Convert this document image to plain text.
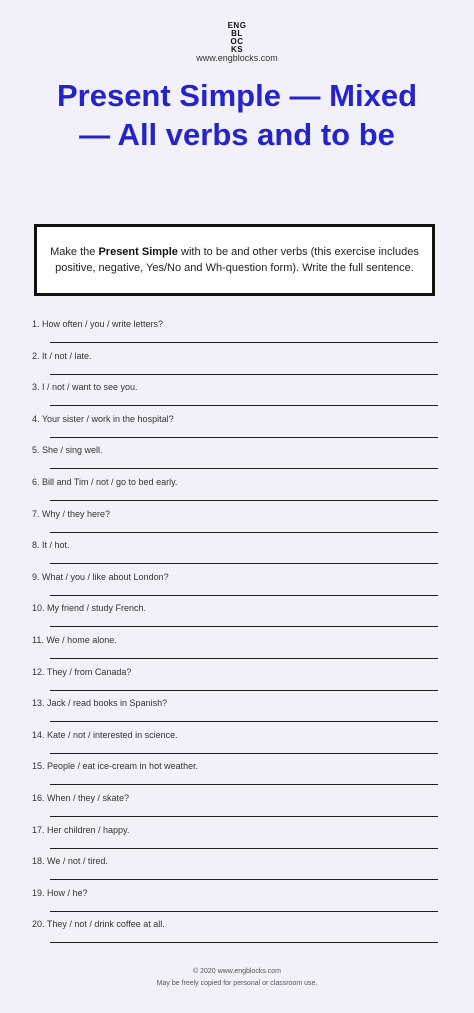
ENG
BL
OC
KS
www.engblocks.com
Present Simple — Mixed — All verbs and to be
Make the Present Simple with to be and other verbs (this exercise includes positive, negative, Yes/No and Wh-question form). Write the full sentence.
1. How often / you / write letters?
2. It / not / late.
3. I / not / want to see you.
4. Your sister / work in the hospital?
5. She / sing well.
6. Bill and Tim / not / go to bed early.
7. Why / they here?
8. It / hot.
9. What / you / like about London?
10. My friend / study French.
11. We / home alone.
12. They / from Canada?
13. Jack / read books in Spanish?
14. Kate / not / interested in science.
15. People / eat ice-cream in hot weather.
16. When / they / skate?
17. Her children / happy.
18. We / not / tired.
19. How / he?
20. They / not / drink coffee at all.
© 2020 www.engblocks.com
May be freely copied for personal or classroom use.
